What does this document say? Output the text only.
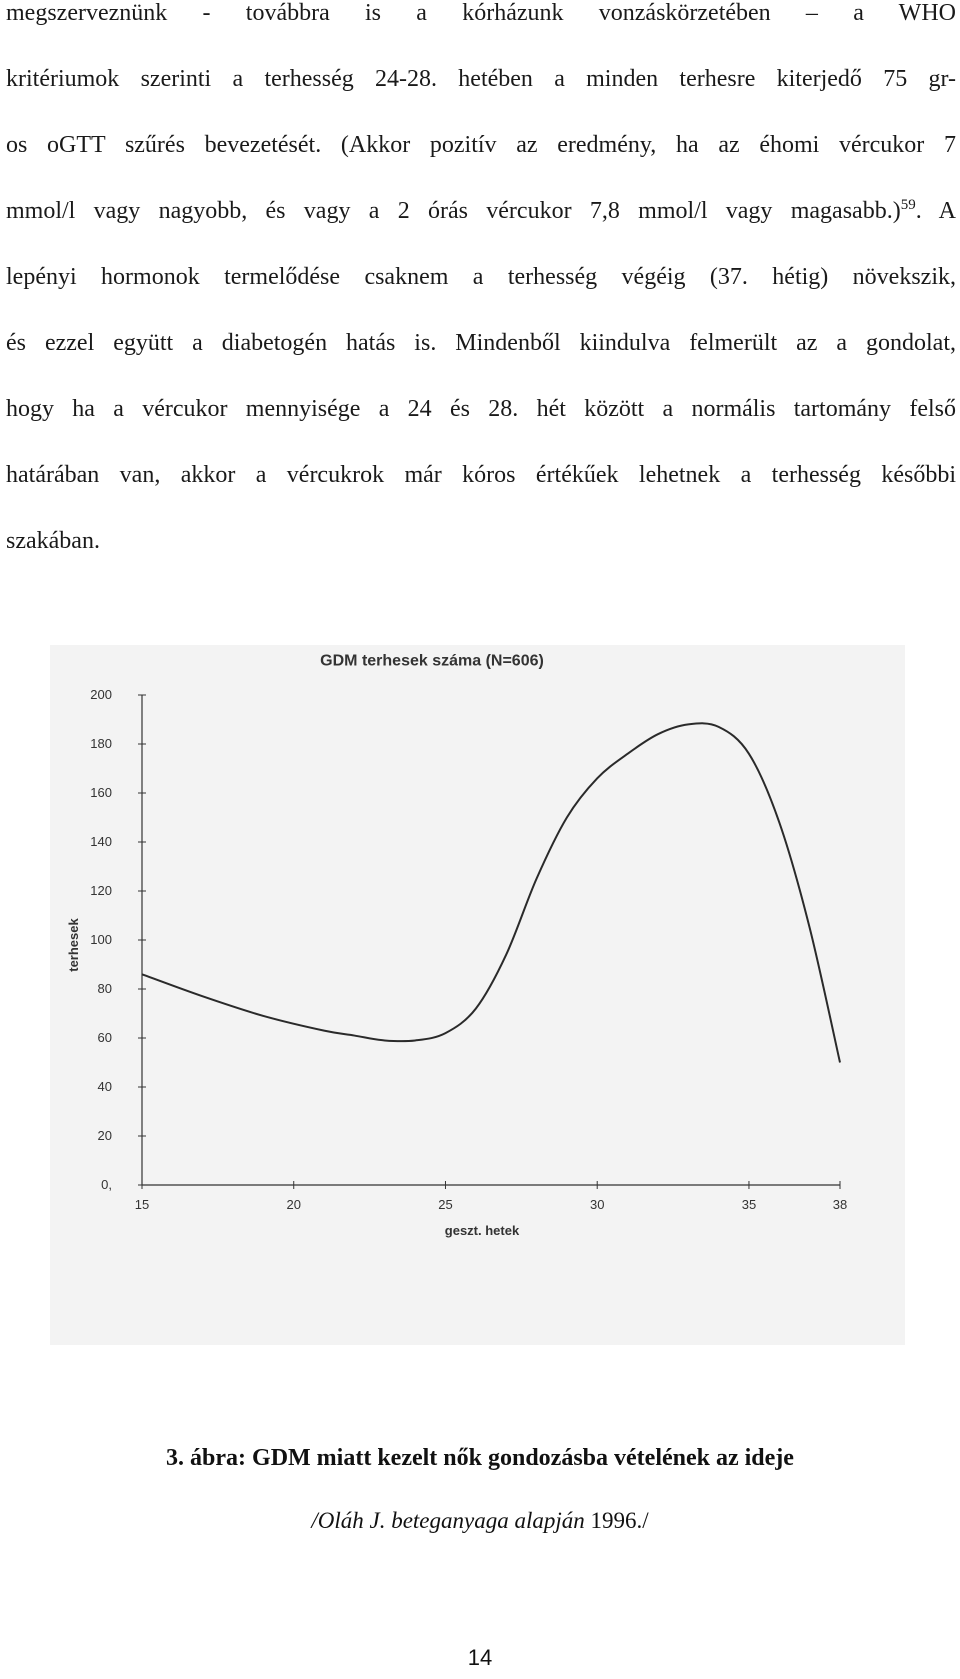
megszerveznünk - továbbra is a kórházunk vonzáskörzetében – a WHO
kritériumok szerinti a terhesség 24-28. hetében a minden terhesre kiterjedő 75 gr-
os oGTT szűrés bevezetését. (Akkor pozitív az eredmény, ha az éhomi vércukor 7
mmol/l vagy nagyobb, és vagy a 2 órás vércukor 7,8 mmol/l vagy magasabb.)$^{59}$. A
lepényi hormonok termelődése csaknem a terhesség végéig (37. hétig) növekszik,
és ezzel együtt a diabetogén hatás is. Mindenből kiindulva felmerült az a gondolat,
hogy ha a vércukor mennyisége a 24 és 28. hét között a normális tartomány felső
határában van, akkor a vércukrok már kóros értékűek lehetnek a terhesség későbbi
szakában.
GDM terhesek száma (N=606)
200
180
160
140
120
100
80
60
40
20
0,
15	20	25	30	35	38
terhesek
geszt. hetek
3. ábra: GDM miatt kezelt nők gondozásba vételének az ideje
/Oláh J. beteganyaga alapján 1996./
14
